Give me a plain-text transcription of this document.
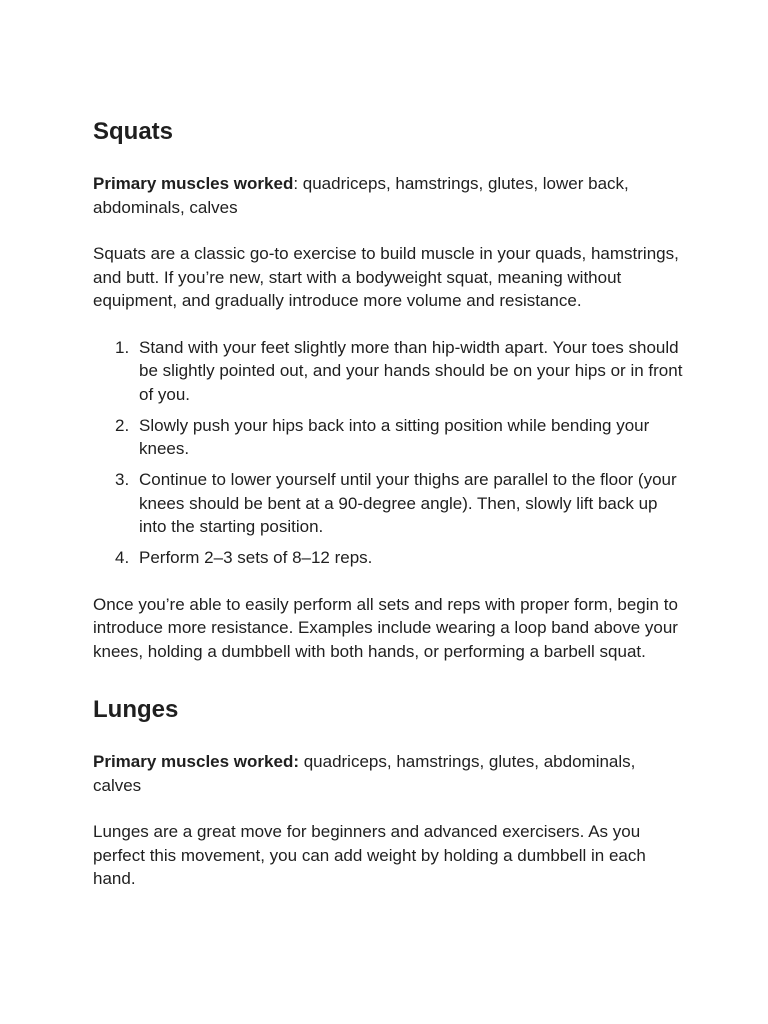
Squats

Primary muscles worked: quadriceps, hamstrings, glutes, lower back, abdominals, calves

Squats are a classic go-to exercise to build muscle in your quads, hamstrings, and butt. If you’re new, start with a bodyweight squat, meaning without equipment, and gradually introduce more volume and resistance.

1. Stand with your feet slightly more than hip-width apart. Your toes should be slightly pointed out, and your hands should be on your hips or in front of you.
2. Slowly push your hips back into a sitting position while bending your knees.
3. Continue to lower yourself until your thighs are parallel to the floor (your knees should be bent at a 90-degree angle). Then, slowly lift back up into the starting position.
4. Perform 2–3 sets of 8–12 reps.

Once you’re able to easily perform all sets and reps with proper form, begin to introduce more resistance. Examples include wearing a loop band above your knees, holding a dumbbell with both hands, or performing a barbell squat.

Lunges

Primary muscles worked: quadriceps, hamstrings, glutes, abdominals, calves

Lunges are a great move for beginners and advanced exercisers. As you perfect this movement, you can add weight by holding a dumbbell in each hand.
